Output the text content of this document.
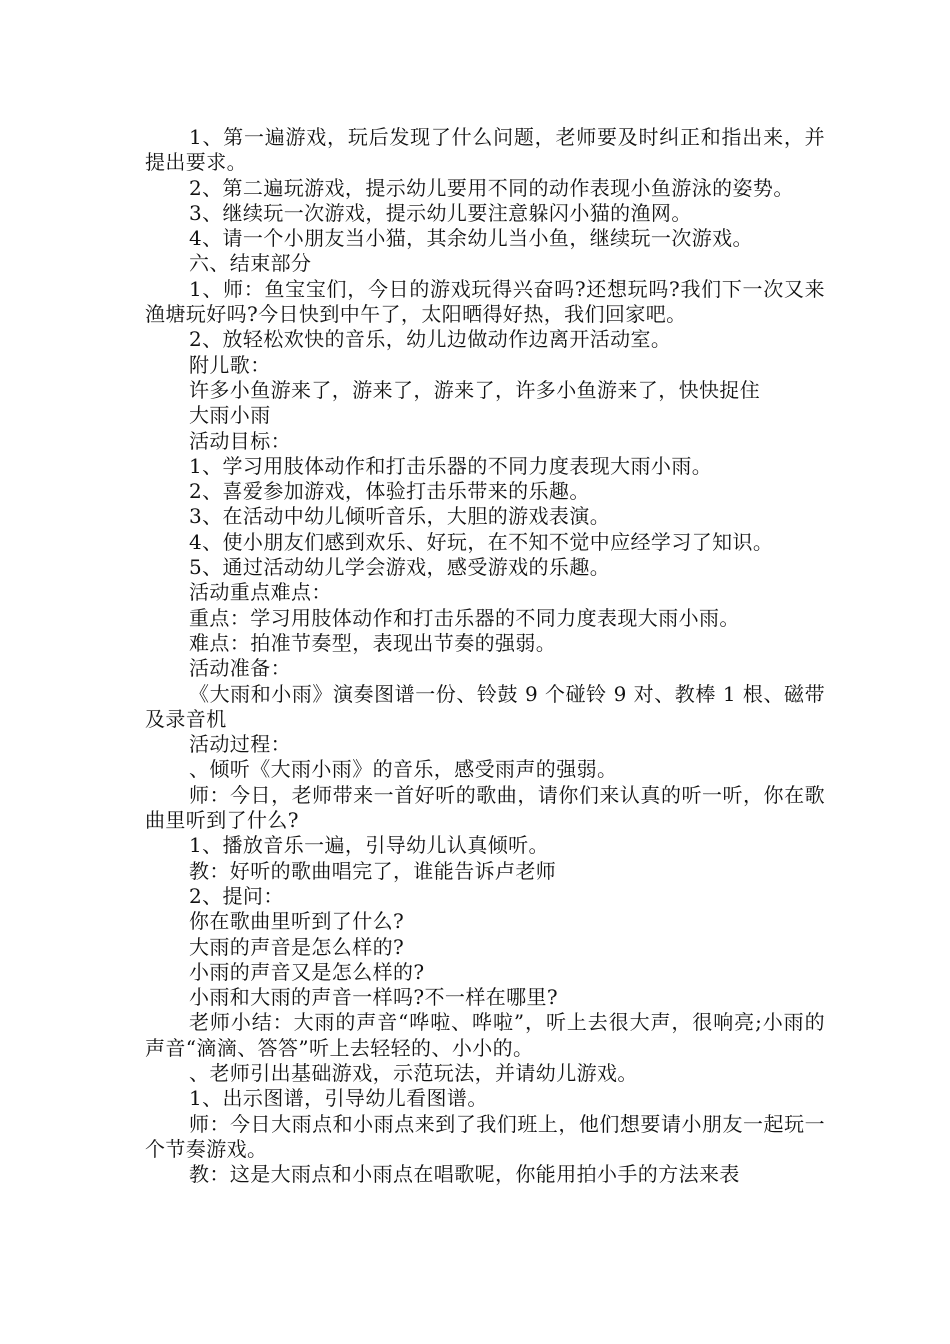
1、第一遍游戏，玩后发现了什么问题，老师要及时纠正和指出来，并提出要求。

2、第二遍玩游戏，提示幼儿要用不同的动作表现小鱼游泳的姿势。

3、继续玩一次游戏，提示幼儿要注意躲闪小猫的渔网。

4、请一个小朋友当小猫，其余幼儿当小鱼，继续玩一次游戏。

六、结束部分

1、师：鱼宝宝们，今日的游戏玩得兴奋吗?还想玩吗?我们下一次又来渔塘玩好吗?今日快到中午了，太阳晒得好热，我们回家吧。

2、放轻松欢快的音乐，幼儿边做动作边离开活动室。

附儿歌：

许多小鱼游来了，游来了，游来了，许多小鱼游来了，快快捉住

大雨小雨

活动目标：

1、学习用肢体动作和打击乐器的不同力度表现大雨小雨。

2、喜爱参加游戏，体验打击乐带来的乐趣。

3、在活动中幼儿倾听音乐，大胆的游戏表演。

4、使小朋友们感到欢乐、好玩，在不知不觉中应经学习了知识。

5、通过活动幼儿学会游戏，感受游戏的乐趣。

活动重点难点：

重点：学习用肢体动作和打击乐器的不同力度表现大雨小雨。

难点：拍准节奏型，表现出节奏的强弱。

活动准备：

《大雨和小雨》演奏图谱一份、铃鼓 9 个碰铃 9 对、教棒 1 根、磁带及录音机

活动过程：

、倾听《大雨小雨》的音乐，感受雨声的强弱。

师：今日，老师带来一首好听的歌曲，请你们来认真的听一听，你在歌曲里听到了什么?

1、播放音乐一遍，引导幼儿认真倾听。

教：好听的歌曲唱完了，谁能告诉卢老师

2、提问：

你在歌曲里听到了什么?

大雨的声音是怎么样的?

小雨的声音又是怎么样的?

小雨和大雨的声音一样吗?不一样在哪里?

老师小结：大雨的声音“哗啦、哗啦”，听上去很大声，很响亮;小雨的声音“滴滴、答答”听上去轻轻的、小小的。

、老师引出基础游戏，示范玩法，并请幼儿游戏。

1、出示图谱，引导幼儿看图谱。

师：今日大雨点和小雨点来到了我们班上，他们想要请小朋友一起玩一个节奏游戏。

教：这是大雨点和小雨点在唱歌呢，你能用拍小手的方法来表
